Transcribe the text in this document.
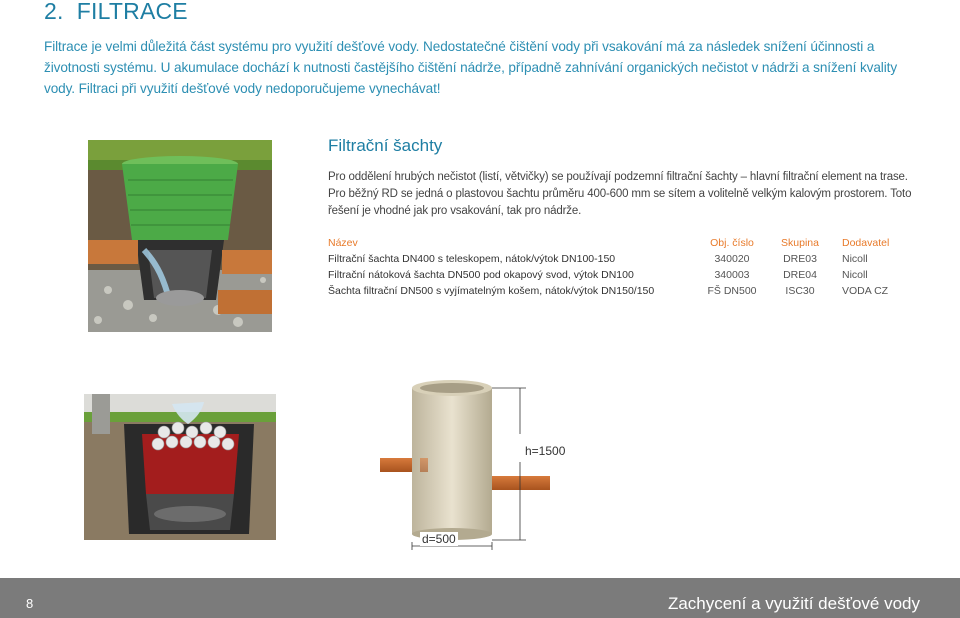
2.  FILTRACE
Filtrace je velmi důležitá část systému pro využití dešťové vody. Nedostatečné čištění vody při vsakování má za následek snížení účinnosti a životnosti systému. U akumulace dochází k nutnosti častějšího čištění nádrže, případně zahnívání organických nečistot v nádrži a snížení kvality vody. Filtraci při využití dešťové vody nedoporučujeme vynechávat!
Filtrační šachty
Pro oddělení hrubých nečistot (listí, větvičky) se používají podzemní filtrační šachty – hlavní filtrační element na trase. Pro běžný RD se jedná o plastovou šachtu průměru 400-600 mm se sítem a volitelně velkým kalovým prostorem. Toto řešení je vhodné jak pro vsakování, tak pro nádrže.
Název	Obj. číslo	Skupina	Dodavatel
Filtrační šachta DN400 s teleskopem, nátok/výtok DN100-150	340020	DRE03	Nicoll
Filtrační nátoková šachta DN500 pod okapový svod, výtok DN100	340003	DRE04	Nicoll
Šachta filtrační DN500 s vyjímatelným košem, nátok/výtok DN150/150	FŠ DN500	ISC30	VODA CZ
h=1500
d=500
8	Zachycení a využití dešťové vody
